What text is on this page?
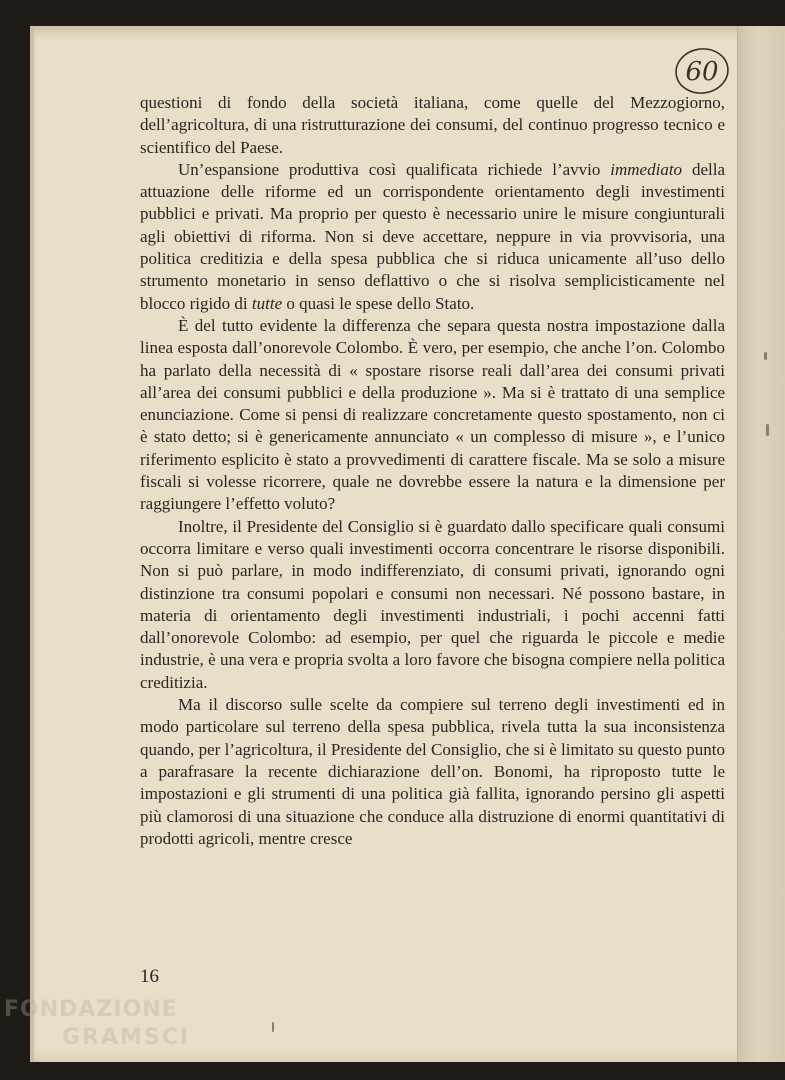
60

questioni di fondo della società italiana, come quelle del Mezzogiorno, dell’agricoltura, di una ristrutturazione dei consumi, del continuo progresso tecnico e scientifico del Paese.

Un’espansione produttiva così qualificata richiede l’avvio immediato della attuazione delle riforme ed un corrispondente orientamento degli investimenti pubblici e privati. Ma proprio per questo è necessario unire le misure congiunturali agli obiettivi di riforma. Non si deve accettare, neppure in via provvisoria, una politica creditizia e della spesa pubblica che si riduca unicamente all’uso dello strumento monetario in senso deflattivo o che si risolva semplicisticamente nel blocco rigido di tutte o quasi le spese dello Stato.

È del tutto evidente la differenza che separa questa nostra impostazione dalla linea esposta dall’onorevole Colombo. È vero, per esempio, che anche l’on. Colombo ha parlato della necessità di « spostare risorse reali dall’area dei consumi privati all’area dei consumi pubblici e della produzione ». Ma si è trattato di una semplice enunciazione. Come si pensi di realizzare concretamente questo spostamento, non ci è stato detto; si è genericamente annunciato « un complesso di misure », e l’unico riferimento esplicito è stato a provvedimenti di carattere fiscale. Ma se solo a misure fiscali si volesse ricorrere, quale ne dovrebbe essere la natura e la dimensione per raggiungere l’effetto voluto?

Inoltre, il Presidente del Consiglio si è guardato dallo specificare quali consumi occorra limitare e verso quali investimenti occorra concentrare le risorse disponibili. Non si può parlare, in modo indifferenziato, di consumi privati, ignorando ogni distinzione tra consumi popolari e consumi non necessari. Né possono bastare, in materia di orientamento degli investimenti industriali, i pochi accenni fatti dall’onorevole Colombo: ad esempio, per quel che riguarda le piccole e medie industrie, è una vera e propria svolta a loro favore che bisogna compiere nella politica creditizia.

Ma il discorso sulle scelte da compiere sul terreno degli investimenti ed in modo particolare sul terreno della spesa pubblica, rivela tutta la sua inconsistenza quando, per l’agricoltura, il Presidente del Consiglio, che si è limitato su questo punto a parafrasare la recente dichiarazione dell’on. Bonomi, ha riproposto tutte le impostazioni e gli strumenti di una politica già fallita, ignorando persino gli aspetti più clamorosi di una situazione che conduce alla distruzione di enormi quantitativi di prodotti agricoli, mentre cresce

16
FONDAZIONE
GRAMSCI
